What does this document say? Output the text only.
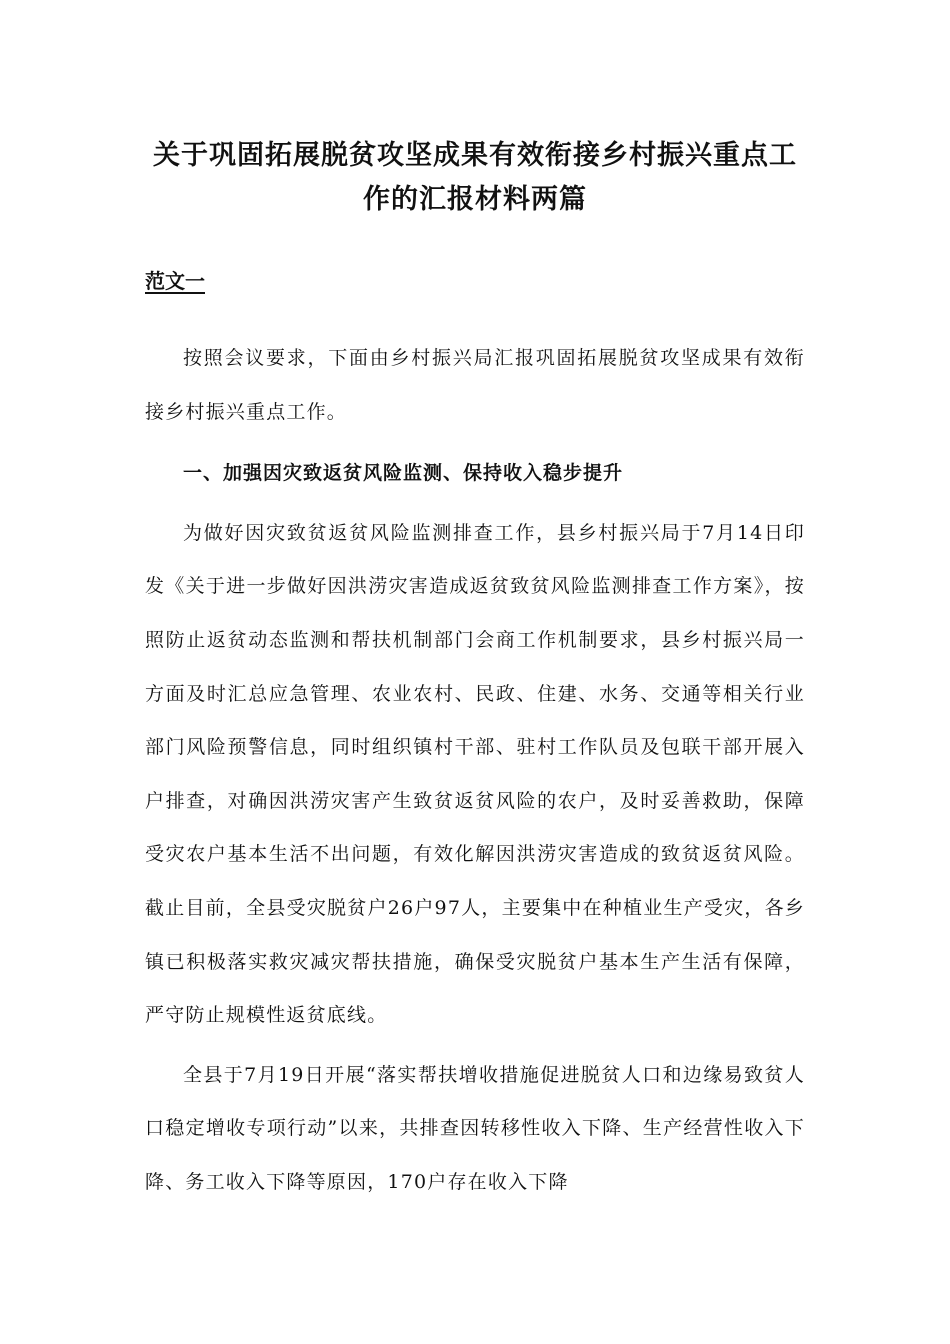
关于巩固拓展脱贫攻坚成果有效衔接乡村振兴重点工作的汇报材料两篇
范文一

按照会议要求，下面由乡村振兴局汇报巩固拓展脱贫攻坚成果有效衔接乡村振兴重点工作。

一、加强因灾致返贫风险监测、保持收入稳步提升

为做好因灾致贫返贫风险监测排查工作，县乡村振兴局于7月14日印发《关于进一步做好因洪涝灾害造成返贫致贫风险监测排查工作方案》，按照防止返贫动态监测和帮扶机制部门会商工作机制要求，县乡村振兴局一方面及时汇总应急管理、农业农村、民政、住建、水务、交通等相关行业部门风险预警信息，同时组织镇村干部、驻村工作队员及包联干部开展入户排查，对确因洪涝灾害产生致贫返贫风险的农户，及时妥善救助，保障受灾农户基本生活不出问题，有效化解因洪涝灾害造成的致贫返贫风险。截止目前，全县受灾脱贫户26户97人，主要集中在种植业生产受灾，各乡镇已积极落实救灾减灾帮扶措施，确保受灾脱贫户基本生产生活有保障，严守防止规模性返贫底线。

全县于7月19日开展“落实帮扶增收措施促进脱贫人口和边缘易致贫人口稳定增收专项行动”以来，共排查因转移性收入下降、生产经营性收入下降、务工收入下降等原因，170户存在收入下降
